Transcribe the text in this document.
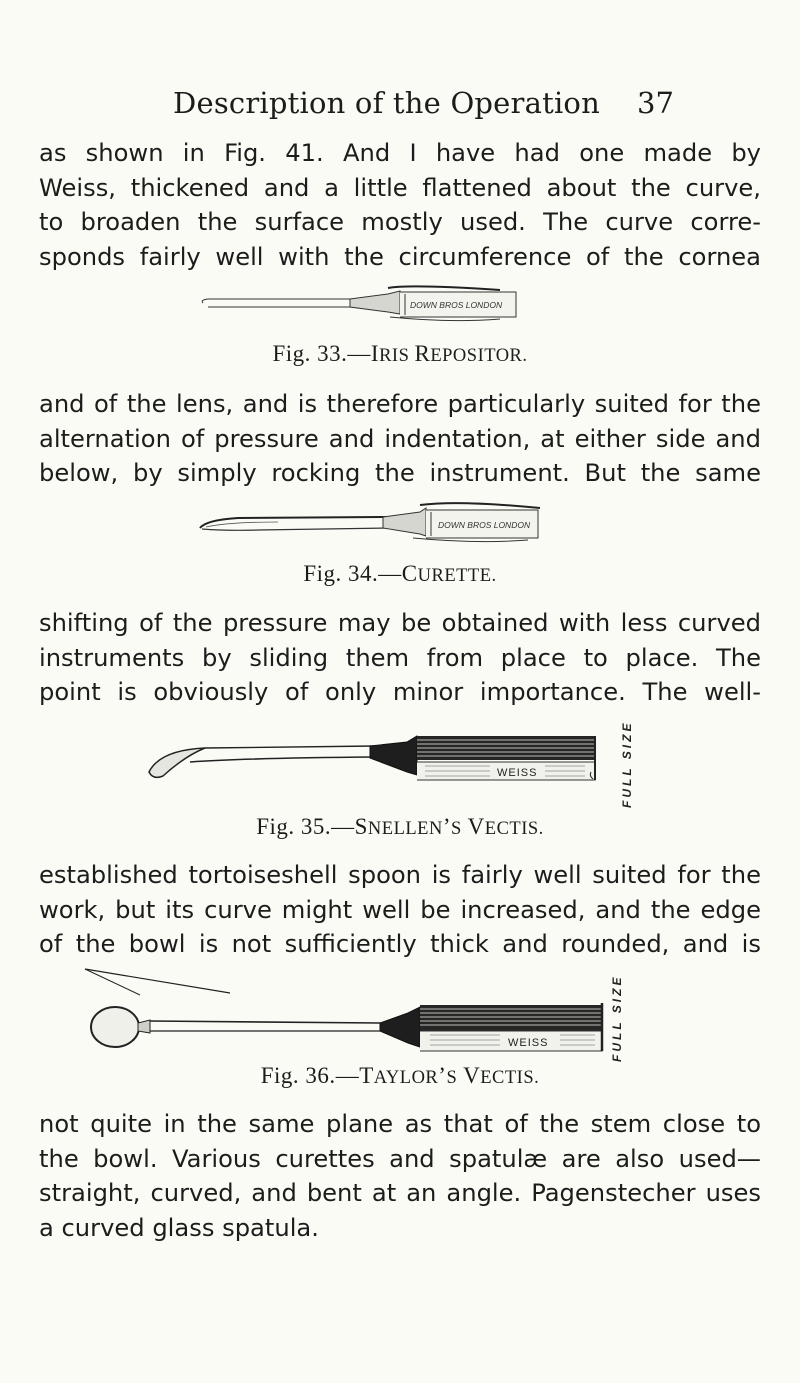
Description of the Operation 37
as shown in Fig. 41. And I have had one made by
Weiss, thickened and a little flattened about the curve,
to broaden the surface mostly used. The curve corre-
sponds fairly well with the circumference of the cornea
DOWN BROS LONDON
Fig. 33.—IRIS REPOSITOR.
and of the lens, and is therefore particularly suited for the
alternation of pressure and indentation, at either side and
below, by simply rocking the instrument. But the same
DOWN BROS LONDON
Fig. 34.—CURETTE.
shifting of the pressure may be obtained with less curved
instruments by sliding them from place to place. The
point is obviously of only minor importance. The well-
WEISS	FULL SIZE
Fig. 35.—SNELLEN’S VECTIS.
established tortoiseshell spoon is fairly well suited for the
work, but its curve might well be increased, and the edge
of the bowl is not sufficiently thick and rounded, and is
WEISS	FULL SIZE
Fig. 36.—TAYLOR’S VECTIS.
not quite in the same plane as that of the stem close to
the bowl. Various curettes and spatulæ are also used—
straight, curved, and bent at an angle. Pagenstecher uses
a curved glass spatula.
